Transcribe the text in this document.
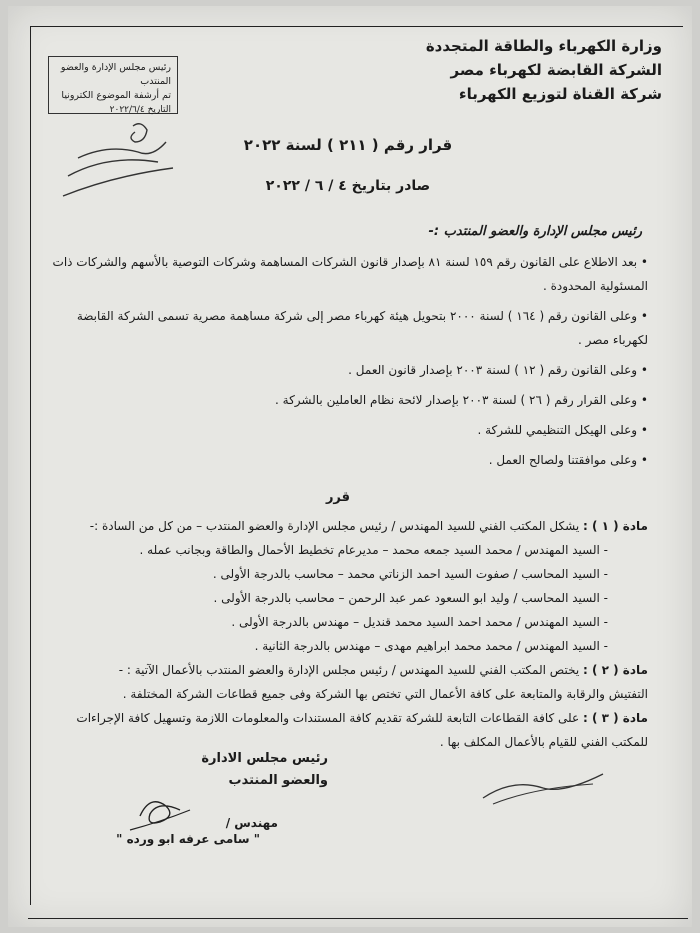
وزارة الكهرباء والطاقة المتجددة
الشركة القابضة لكهرباء مصر
شركة القناة لتوزيع الكهرباء
رئيس مجلس الإدارة والعضو المنتدب
تم أرشفة الموضوع الكترونيا
التاريخ ٢٠٢٢/٦/٤
قرار رقم ( ٢١١ ) لسنة ٢٠٢٢
صادر بتاريخ ٤ / ٦ / ٢٠٢٢
رئيس مجلس الإدارة والعضو المنتدب :-
• بعد الاطلاع على القانون رقم ١٥٩ لسنة ٨١ بإصدار قانون الشركات المساهمة وشركات التوصية بالأسهم والشركات ذات المسئولية المحدودة .
• وعلى القانون رقم ( ١٦٤ ) لسنة ٢٠٠٠ بتحويل هيئة كهرباء مصر إلى شركة مساهمة مصرية تسمى الشركة القابضة لكهرباء مصر .
• وعلى القانون رقم ( ١٢ ) لسنة ٢٠٠٣ بإصدار قانون العمل .
• وعلى القرار رقم ( ٢٦ ) لسنة ٢٠٠٣ بإصدار لائحة نظام العاملين بالشركة .
• وعلى الهيكل التنظيمي للشركة .
• وعلى موافقتنا ولصالح العمل .
قرر

مادة ( ١ ) : يشكل المكتب الفني للسيد المهندس / رئيس مجلس الإدارة والعضو المنتدب – من كل من السادة :-

- السيد المهندس / محمد السيد جمعه محمد – مديرعام تخطيط الأحمال والطاقة وبجانب عمله .

- السيد المحاسب / صفوت السيد احمد الزناتي محمد – محاسب بالدرجة الأولى .

- السيد المحاسب / وليد ابو السعود عمر عبد الرحمن – محاسب بالدرجة الأولى .

- السيد المهندس / محمد احمد السيد محمد قنديل – مهندس بالدرجة الأولى .

- السيد المهندس / محمد محمد ابراهيم مهدى – مهندس بالدرجة الثانية .

مادة ( ٢ ) : يختص المكتب الفني للسيد المهندس / رئيس مجلس الإدارة والعضو المنتدب بالأعمال الآتية : -

التفتيش والرقابة والمتابعة على كافة الأعمال التي تختص بها الشركة وفى جميع قطاعات الشركة المختلفة .

مادة ( ٣ ) : على كافة القطاعات التابعة للشركة تقديم كافة المستندات والمعلومات اللازمة وتسهيل كافة الإجراءات للمكتب الفني للقيام بالأعمال المكلف بها .

رئيس مجلس الادارة
والعضو المنتدب
مهندس /
" سامى عرفه ابو ورده "
